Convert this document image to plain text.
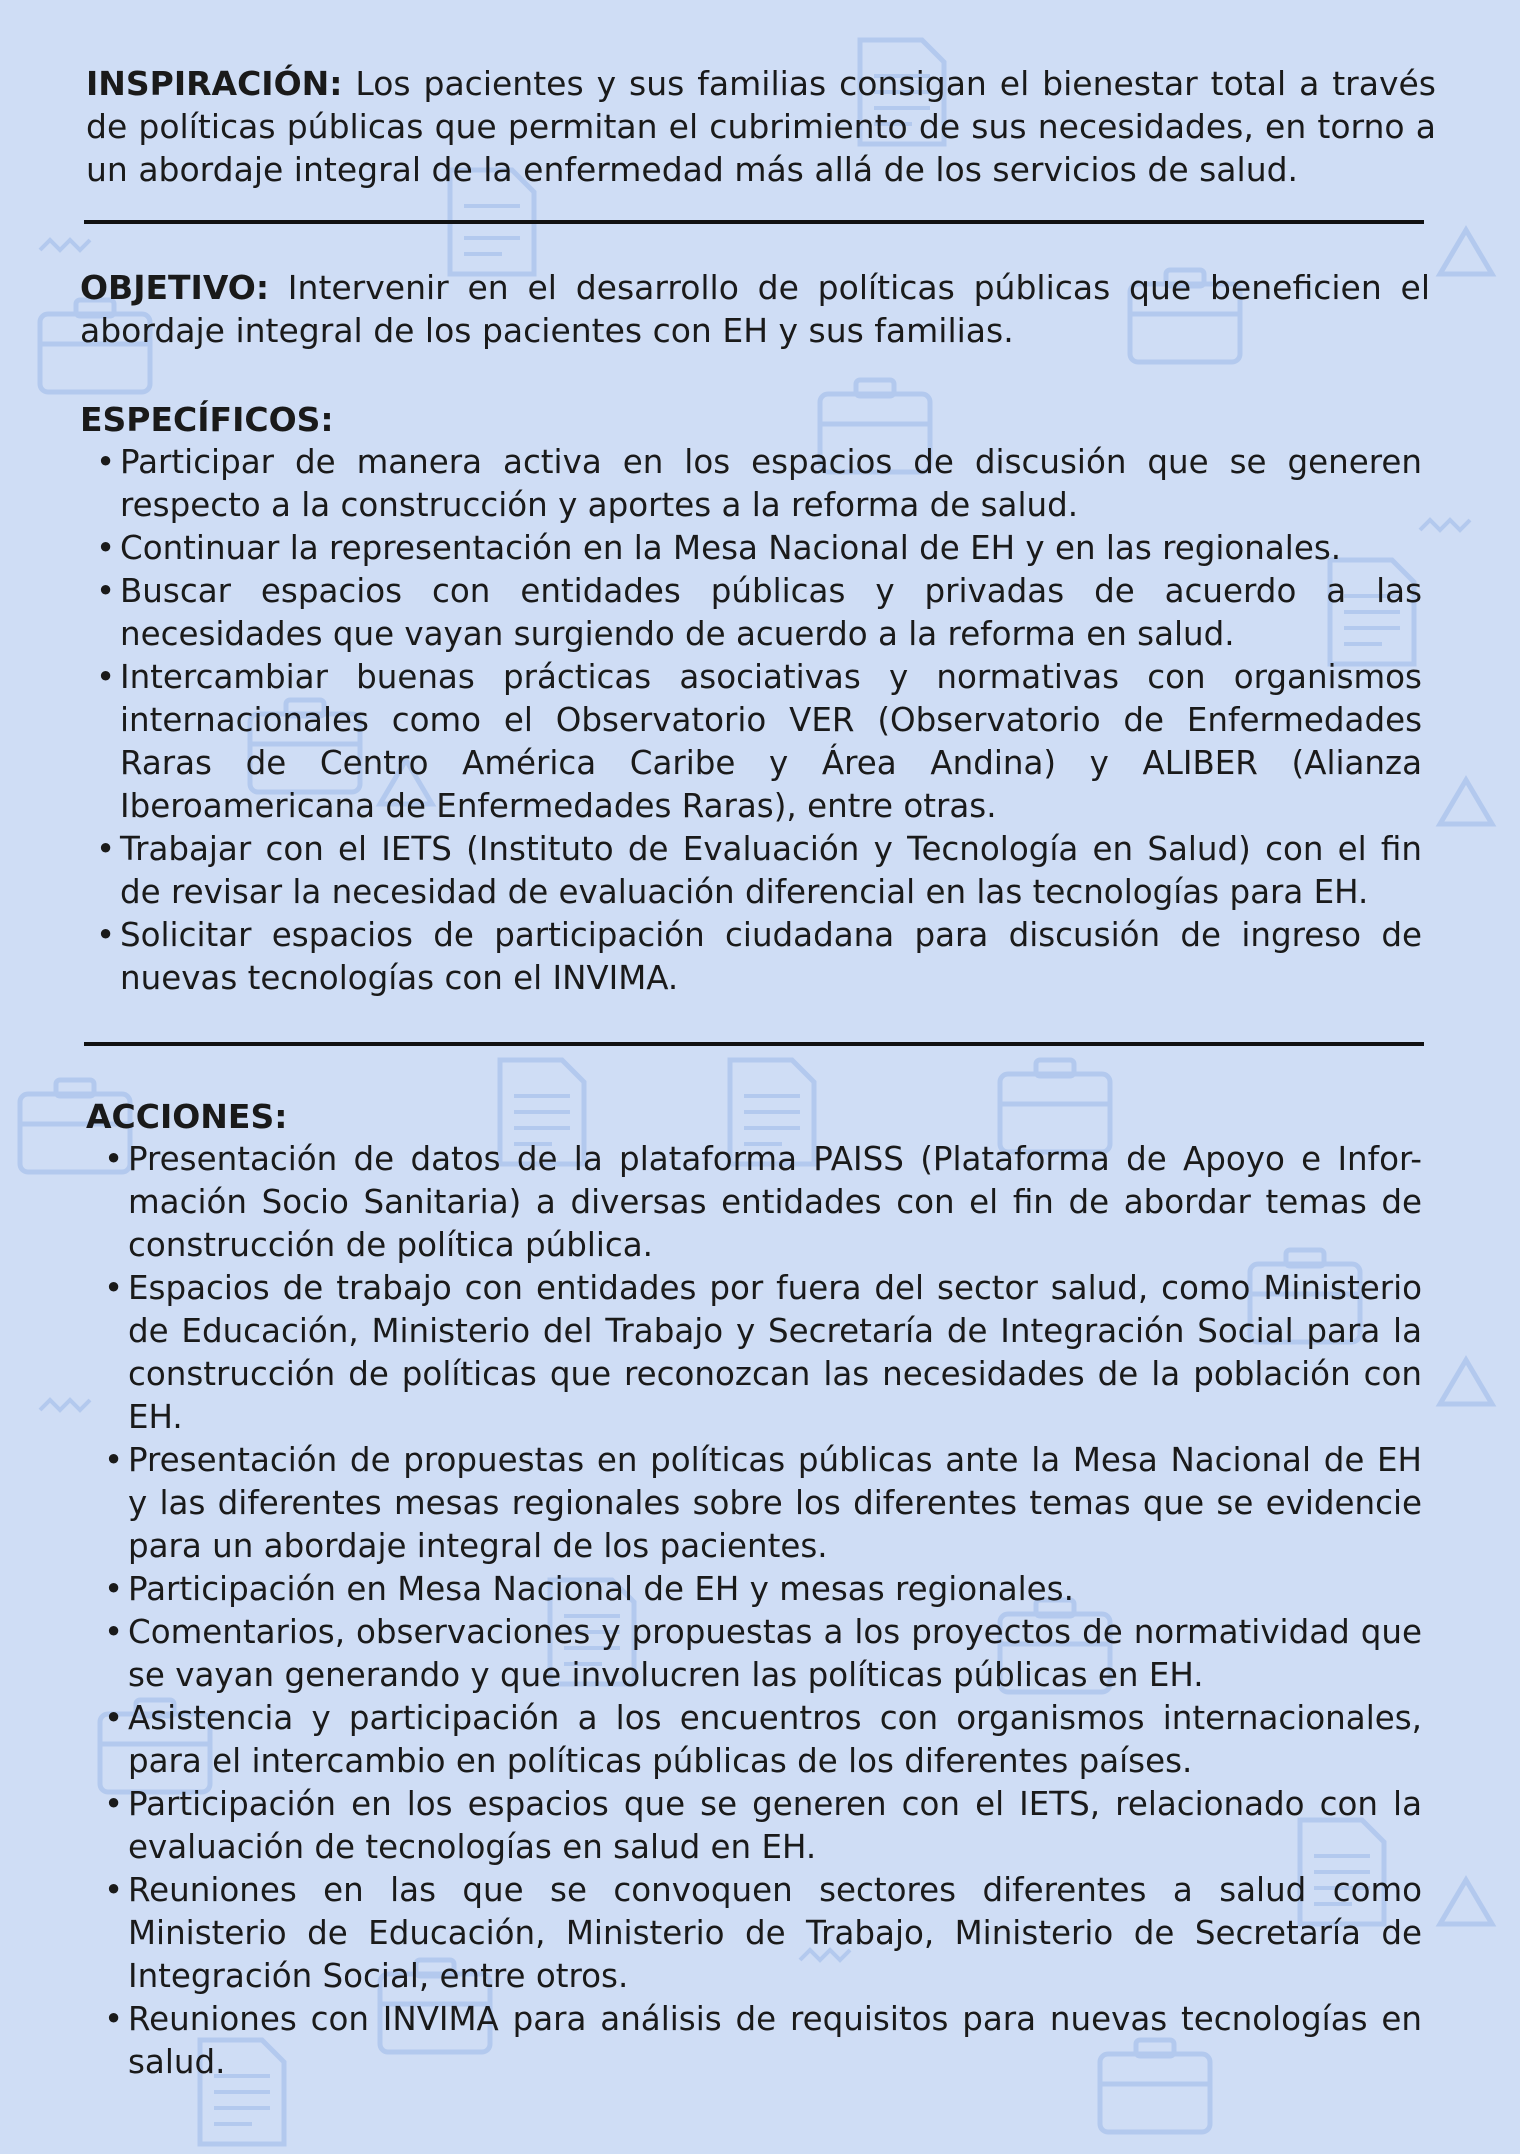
INSPIRACIÓN: Los pacientes y sus familias consigan el bienestar total a través de políticas públicas que permitan el cubrimiento de sus necesidades, en torno a un abordaje integral de la enfermedad más allá de los servicios de salud.
OBJETIVO: Intervenir en el desarrollo de políticas públicas que beneficien el abordaje integral de los pacientes con EH y sus familias.
ESPECÍFICOS:
• Participar de manera activa en los espacios de discusión que se generen respecto a la construcción y aportes a la reforma de salud.
• Continuar la representación en la Mesa Nacional de EH y en las regionales.
• Buscar espacios con entidades públicas y privadas de acuerdo a las necesidades que vayan surgiendo de acuerdo a la reforma en salud.
• Intercambiar buenas prácticas asociativas y normativas con organismos internacionales como el Observatorio VER (Observatorio de Enfermedades Raras de Centro América Caribe y Área Andina) y ALIBER (Alianza Iberoamericana de Enfermedades Raras), entre otras.
• Trabajar con el IETS (Instituto de Evaluación y Tecnología en Salud) con el fin de revisar la necesidad de evaluación diferencial en las tecnologías para EH.
• Solicitar espacios de participación ciudadana para discusión de ingreso de nuevas tecnologías con el INVIMA.
ACCIONES:
• Presentación de datos de la plataforma PAISS (Plataforma de Apoyo e Infor-mación Socio Sanitaria) a diversas entidades con el fin de abordar temas de construcción de política pública.
• Espacios de trabajo con entidades por fuera del sector salud, como Ministerio de Educación, Ministerio del Trabajo y Secretaría de Integración Social para la construcción de políticas que reconozcan las necesidades de la población con EH.
• Presentación de propuestas en políticas públicas ante la Mesa Nacional de EH y las diferentes mesas regionales sobre los diferentes temas que se evidencie para un abordaje integral de los pacientes.
• Participación en Mesa Nacional de EH y mesas regionales.
• Comentarios, observaciones y propuestas a los proyectos de normatividad que se vayan generando y que involucren las políticas públicas en EH.
• Asistencia y participación a los encuentros con organismos internacionales, para el intercambio en políticas públicas de los diferentes países.
• Participación en los espacios que se generen con el IETS, relacionado con la evaluación de tecnologías en salud en EH.
• Reuniones en las que se convoquen sectores diferentes a salud como Ministerio de Educación, Ministerio de Trabajo, Ministerio de Secretaría de Integración Social, entre otros.
• Reuniones con INVIMA para análisis de requisitos para nuevas tecnologías en salud.
